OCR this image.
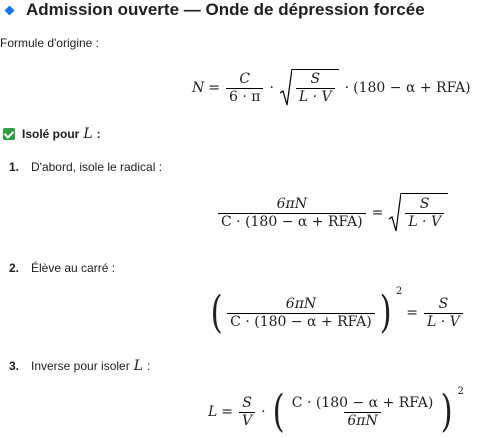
Admission ouverte — Onde de dépression forcée
Formule d'origine :
$N = \frac{C}{6 \cdot \pi} \cdot \frac{S}{L \cdot V} \cdot (180 - \alpha + RFA)$
Isolé pour L :
1. D'abord, isole le radical :
$\frac{6\pi N}{\text{C · (180 − α + RFA)}} = \frac{S}{L \cdot V}$
2. Élève au carré :
( $\frac{6\pi N}{\text{C · (180 − α + RFA)}}$ ) 2
= $\frac{S}{L \cdot V}$
3. Inverse pour isoler L :
$L = \frac{S}{V}$ · ( $\frac{\text{C · (180 − α + RFA)}}{6\pi N}$ ) 2
